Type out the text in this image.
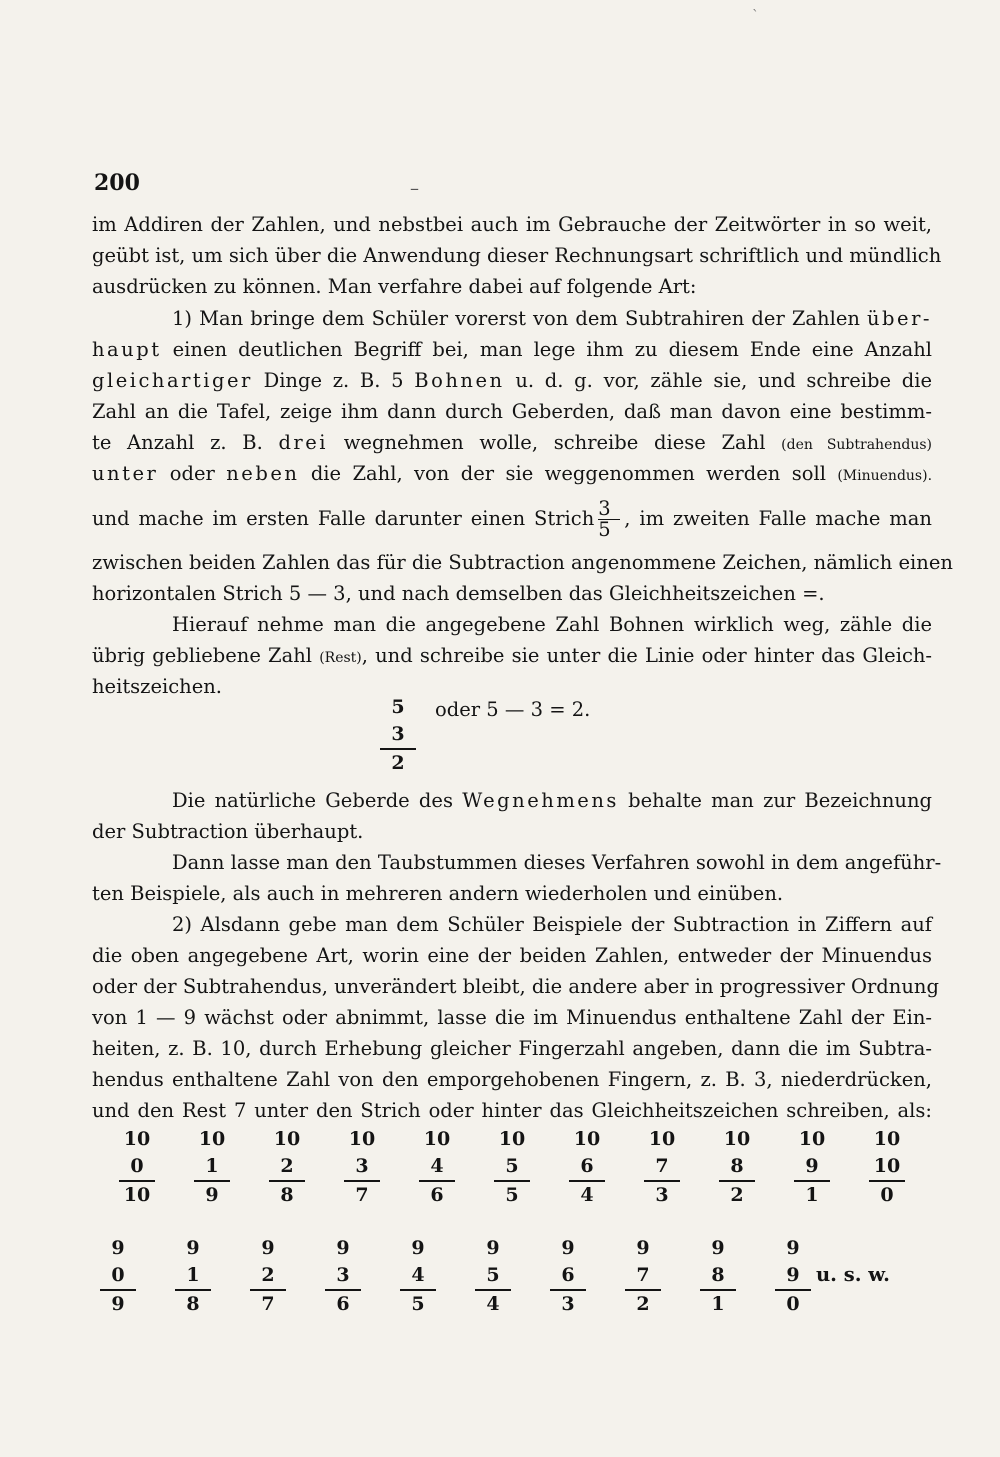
`
200	–
im Addiren der Zahlen, und nebstbei auch im Gebrauche der Zeitwörter in so weit,
geübt ist, um sich über die Anwendung dieser Rechnungsart schriftlich und mündlich
ausdrücken zu können. Man verfahre dabei auf folgende Art:
1) Man bringe dem Schüler vorerst von dem Subtrahiren der Zahlen über-
haupt einen deutlichen Begriff bei, man lege ihm zu diesem Ende eine Anzahl
gleichartiger Dinge z. B. 5 Bohnen u. d. g. vor, zähle sie, und schreibe die
Zahl an die Tafel, zeige ihm dann durch Geberden, daß man davon eine bestimm-
te Anzahl z. B. drei wegnehmen wolle, schreibe diese Zahl (den Subtrahendus)
unter oder neben die Zahl, von der sie weggenommen werden soll (Minuendus).
und mache im ersten Falle darunter einen Strich $\frac{3}{5}$ , im zweiten Falle mache man
zwischen beiden Zahlen das für die Subtraction angenommene Zeichen, nämlich einen
horizontalen Strich 5 — 3, und nach demselben das Gleichheitszeichen =.
Hierauf nehme man die angegebene Zahl Bohnen wirklich weg, zähle die
übrig gebliebene Zahl (Rest), und schreibe sie unter die Linie oder hinter das Gleich-
heitszeichen.
5
3
2
oder 5 — 3 = 2.
Die natürliche Geberde des Wegnehmens behalte man zur Bezeichnung
der Subtraction überhaupt.
Dann lasse man den Taubstummen dieses Verfahren sowohl in dem angeführ-
ten Beispiele, als auch in mehreren andern wiederholen und einüben.
2) Alsdann gebe man dem Schüler Beispiele der Subtraction in Ziffern auf
die oben angegebene Art, worin eine der beiden Zahlen, entweder der Minuendus
oder der Subtrahendus, unverändert bleibt, die andere aber in progressiver Ordnung
von 1 — 9 wächst oder abnimmt, lasse die im Minuendus enthaltene Zahl der Ein-
heiten, z. B. 10, durch Erhebung gleicher Fingerzahl angeben, dann die im Subtra-
hendus enthaltene Zahl von den emporgehobenen Fingern, z. B. 3, niederdrücken,
und den Rest 7 unter den Strich oder hinter das Gleichheitszeichen schreiben, als:
10
0
10
10
1
9
10
2
8
10
3
7
10
4
6
10
5
5
10
6
4
10
7
3
10
8
2
10
9
1
10
10
0
9
0
9
9
1
8
9
2
7
9
3
6
9
4
5
9
5
4
9
6
3
9
7
2
9
8
1
9
9
0
u. s. w.
